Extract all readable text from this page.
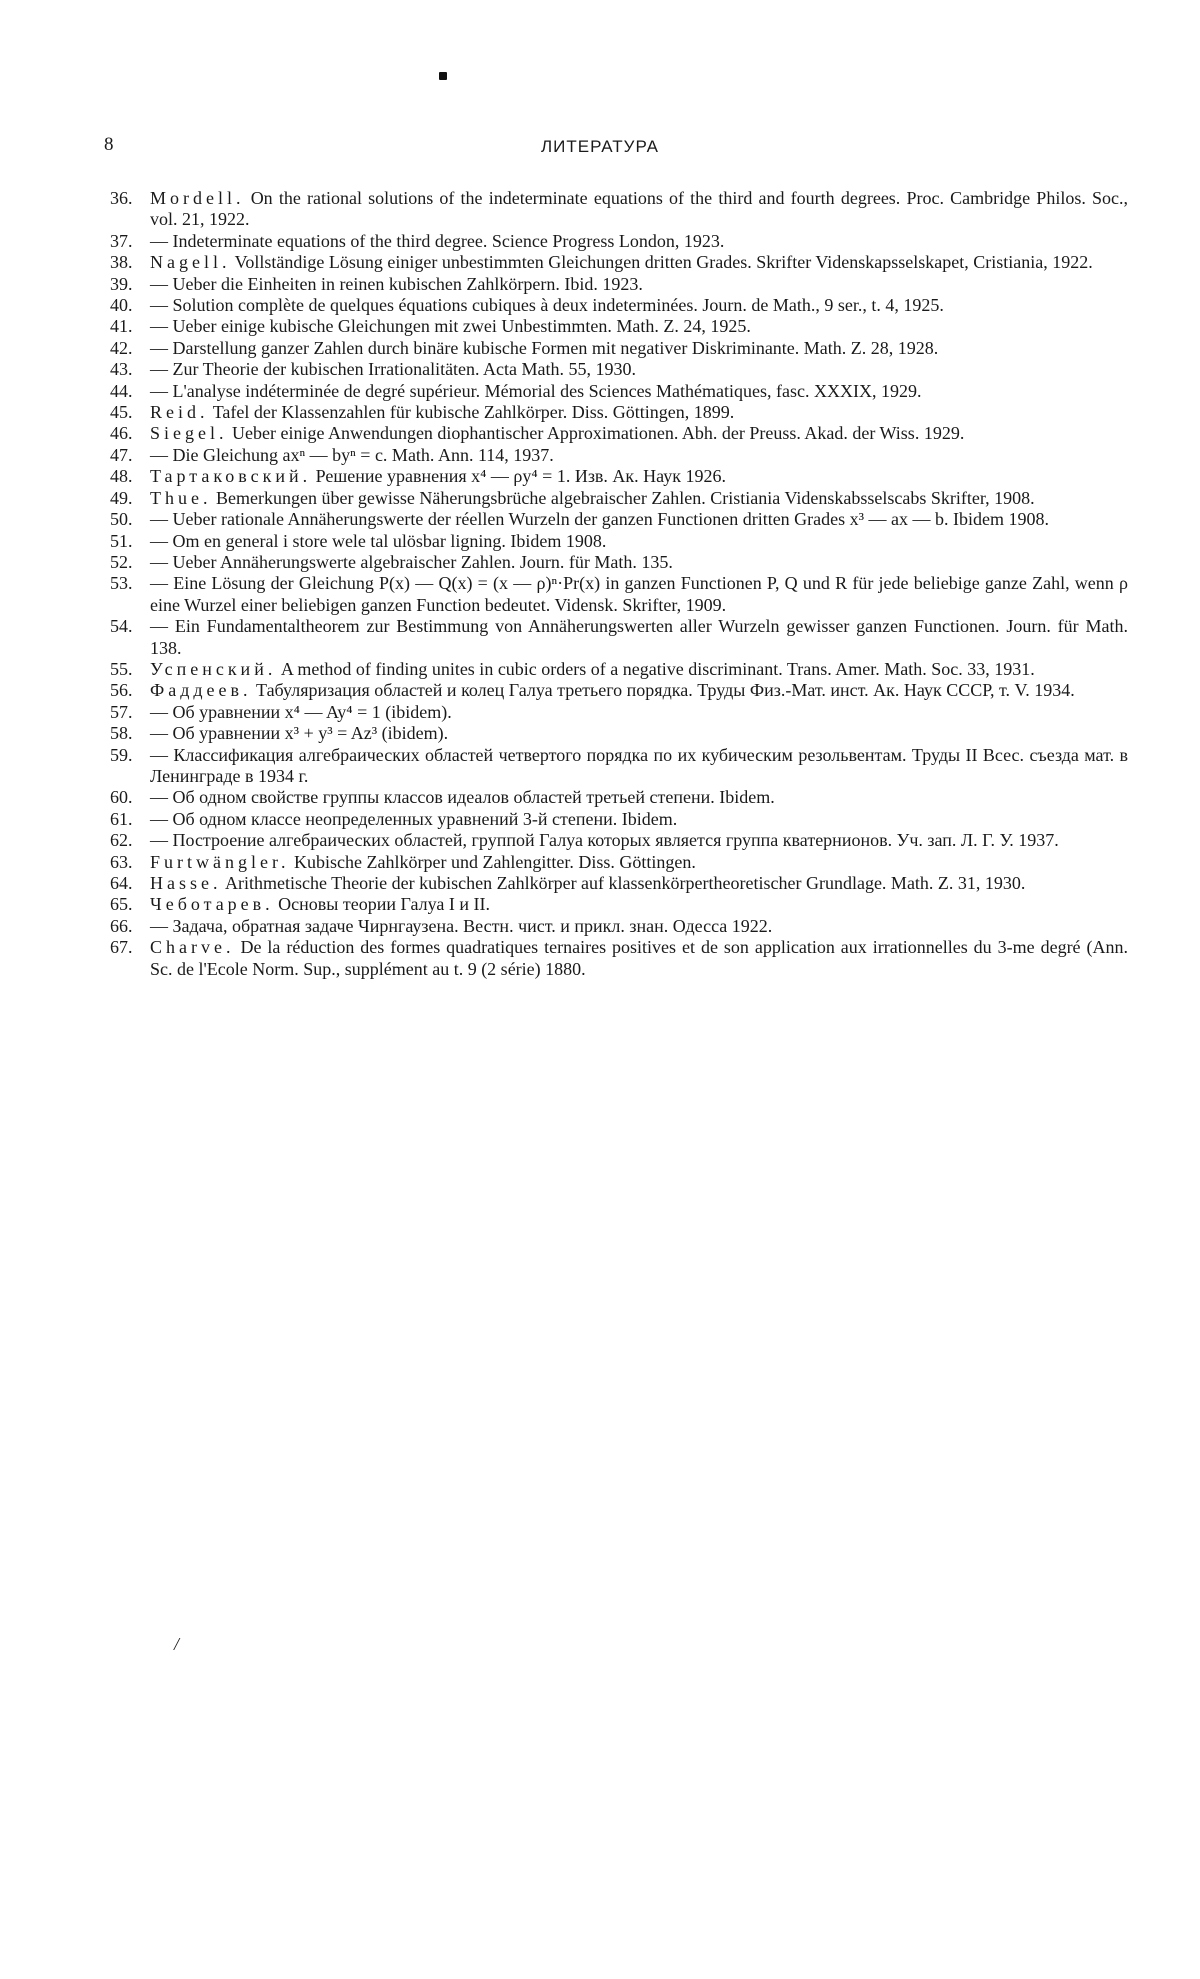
8	ЛИТЕРАТУРА
36. Mordell. On the rational solutions of the indeterminate equations of the third and fourth degrees. Proc. Cambridge Philos. Soc., vol. 21, 1922.
37. — Indeterminate equations of the third degree. Science Progress London, 1923.
38. Nagell. Vollständige Lösung einiger unbestimmten Gleichungen dritten Grades. Skrifter Videnskapsselskapet, Cristiania, 1922.
39. — Ueber die Einheiten in reinen kubischen Zahlkörpern. Ibid. 1923.
40. — Solution complète de quelques équations cubiques à deux indeterminées. Journ. de Math., 9 ser., t. 4, 1925.
41. — Ueber einige kubische Gleichungen mit zwei Unbestimmten. Math. Z. 24, 1925.
42. — Darstellung ganzer Zahlen durch binäre kubische Formen mit negativer Diskriminante. Math. Z. 28, 1928.
43. — Zur Theorie der kubischen Irrationalitäten. Acta Math. 55, 1930.
44. — L'analyse indéterminée de degré supérieur. Mémorial des Sciences Mathématiques, fasc. XXXIX, 1929.
45. Reid. Tafel der Klassenzahlen für kubische Zahlkörper. Diss. Göttingen, 1899.
46. Siegel. Ueber einige Anwendungen diophantischer Approximationen. Abh. der Preuss. Akad. der Wiss. 1929.
47. — Die Gleichung axⁿ — byⁿ = c. Math. Ann. 114, 1937.
48. Тартаковский. Решение уравнения x⁴ — ρy⁴ = 1. Изв. Ак. Наук 1926.
49. Thue. Bemerkungen über gewisse Näherungsbrüche algebraischer Zahlen. Cristiania Videnskabsselscabs Skrifter, 1908.
50. — Ueber rationale Annäherungswerte der réellen Wurzeln der ganzen Functionen dritten Grades x³ — ax — b. Ibidem 1908.
51. — Om en general i store wele tal ulösbar ligning. Ibidem 1908.
52. — Ueber Annäherungswerte algebraischer Zahlen. Journ. für Math. 135.
53. — Eine Lösung der Gleichung P(x) — Q(x) = (x — ρ)ⁿ·Pr(x) in ganzen Functionen P, Q und R für jede beliebige ganze Zahl, wenn ρ eine Wurzel einer beliebigen ganzen Function bedeutet. Vidensk. Skrifter, 1909.
54. — Ein Fundamentaltheorem zur Bestimmung von Annäherungswerten aller Wurzeln gewisser ganzen Functionen. Journ. für Math. 138.
55. Успенский. A method of finding unites in cubic orders of a negative discriminant. Trans. Amer. Math. Soc. 33, 1931.
56. Фаддеев. Табуляризация областей и колец Галуа третьего порядка. Труды Физ.-Мат. инст. Ак. Наук СССР, т. V. 1934.
57. — Об уравнении x⁴ — Ay⁴ = 1 (ibidem).
58. — Об уравнении x³ + y³ = Az³ (ibidem).
59. — Классификация алгебраических областей четвертого порядка по их кубическим резольвентам. Труды II Всес. съезда мат. в Ленинграде в 1934 г.
60. — Об одном свойстве группы классов идеалов областей третьей степени. Ibidem.
61. — Об одном классе неопределенных уравнений 3-й степени. Ibidem.
62. — Построение алгебраических областей, группой Галуа которых является группа кватернионов. Уч. зап. Л. Г. У. 1937.
63. Furtwängler. Kubische Zahlkörper und Zahlengitter. Diss. Göttingen.
64. Hasse. Arithmetische Theorie der kubischen Zahlkörper auf klassenkörpertheoretischer Grundlage. Math. Z. 31, 1930.
65. Чеботарев. Основы теории Галуа I и II.
66. — Задача, обратная задаче Чирнгаузена. Вестн. чист. и прикл. знан. Одесса 1922.
67. Charve. De la réduction des formes quadratiques ternaires positives et de son application aux irrationnelles du 3-me degré (Ann. Sc. de l'Ecole Norm. Sup., supplément au t. 9 (2 série) 1880.
/
